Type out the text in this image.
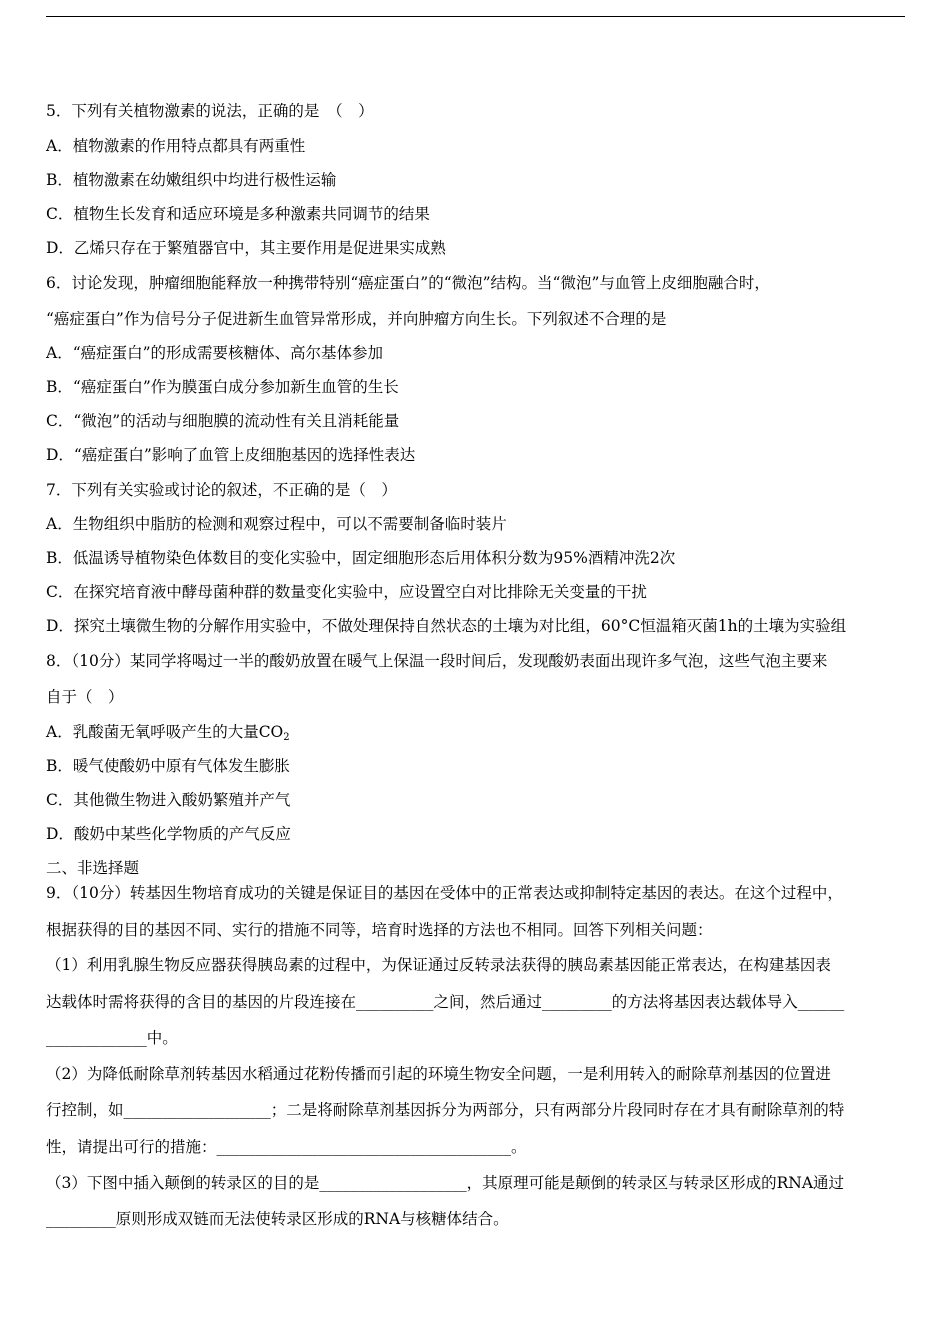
5．下列有关植物激素的说法，正确的是　（　）
A．植物激素的作用特点都具有两重性
B．植物激素在幼嫩组织中均进行极性运输
C．植物生长发育和适应环境是多种激素共同调节的结果
D．乙烯只存在于繁殖器官中，其主要作用是促进果实成熟
6．讨论发现，肿瘤细胞能释放一种携带特别“癌症蛋白”的“微泡”结构。当“微泡”与血管上皮细胞融合时，
“癌症蛋白”作为信号分子促进新生血管异常形成，并向肿瘤方向生长。下列叙述不合理的是
A．“癌症蛋白”的形成需要核糖体、高尔基体参加
B．“癌症蛋白”作为膜蛋白成分参加新生血管的生长
C．“微泡”的活动与细胞膜的流动性有关且消耗能量
D．“癌症蛋白”影响了血管上皮细胞基因的选择性表达
7．下列有关实验或讨论的叙述，不正确的是（　）
A．生物组织中脂肪的检测和观察过程中，可以不需要制备临时装片
B．低温诱导植物染色体数目的变化实验中，固定细胞形态后用体积分数为95%酒精冲洗2次
C．在探究培育液中酵母菌种群的数量变化实验中，应设置空白对比排除无关变量的干扰
D．探究土壤微生物的分解作用实验中，不做处理保持自然状态的土壤为对比组，60°C恒温箱灭菌1h的土壤为实验组
8．（10分）某同学将喝过一半的酸奶放置在暖气上保温一段时间后，发现酸奶表面出现许多气泡，这些气泡主要来
自于（　）
A．乳酸菌无氧呼吸产生的大量$CO_2$
B．暖气使酸奶中原有气体发生膨胀
C．其他微生物进入酸奶繁殖并产气
D．酸奶中某些化学物质的产气反应
二、非选择题
9．（10分）转基因生物培育成功的关键是保证目的基因在受体中的正常表达或抑制特定基因的表达。在这个过程中，
根据获得的目的基因不同、实行的措施不同等，培育时选择的方法也不相同。回答下列相关问题：
（1）利用乳腺生物反应器获得胰岛素的过程中，为保证通过反转录法获得的胰岛素基因能正常表达，在构建基因表
达载体时需将获得的含目的基因的片段连接在__________之间，然后通过_________的方法将基因表达载体导入______
_____________中。
（2）为降低耐除草剂转基因水稻通过花粉传播而引起的环境生物安全问题，一是利用转入的耐除草剂基因的位置进
行控制，如___________________；二是将耐除草剂基因拆分为两部分，只有两部分片段同时存在才具有耐除草剂的特
性，请提出可行的措施：______________________________________。
（3）下图中插入颠倒的转录区的目的是___________________，其原理可能是颠倒的转录区与转录区形成的RNA通过
_________原则形成双链而无法使转录区形成的RNA与核糖体结合。
